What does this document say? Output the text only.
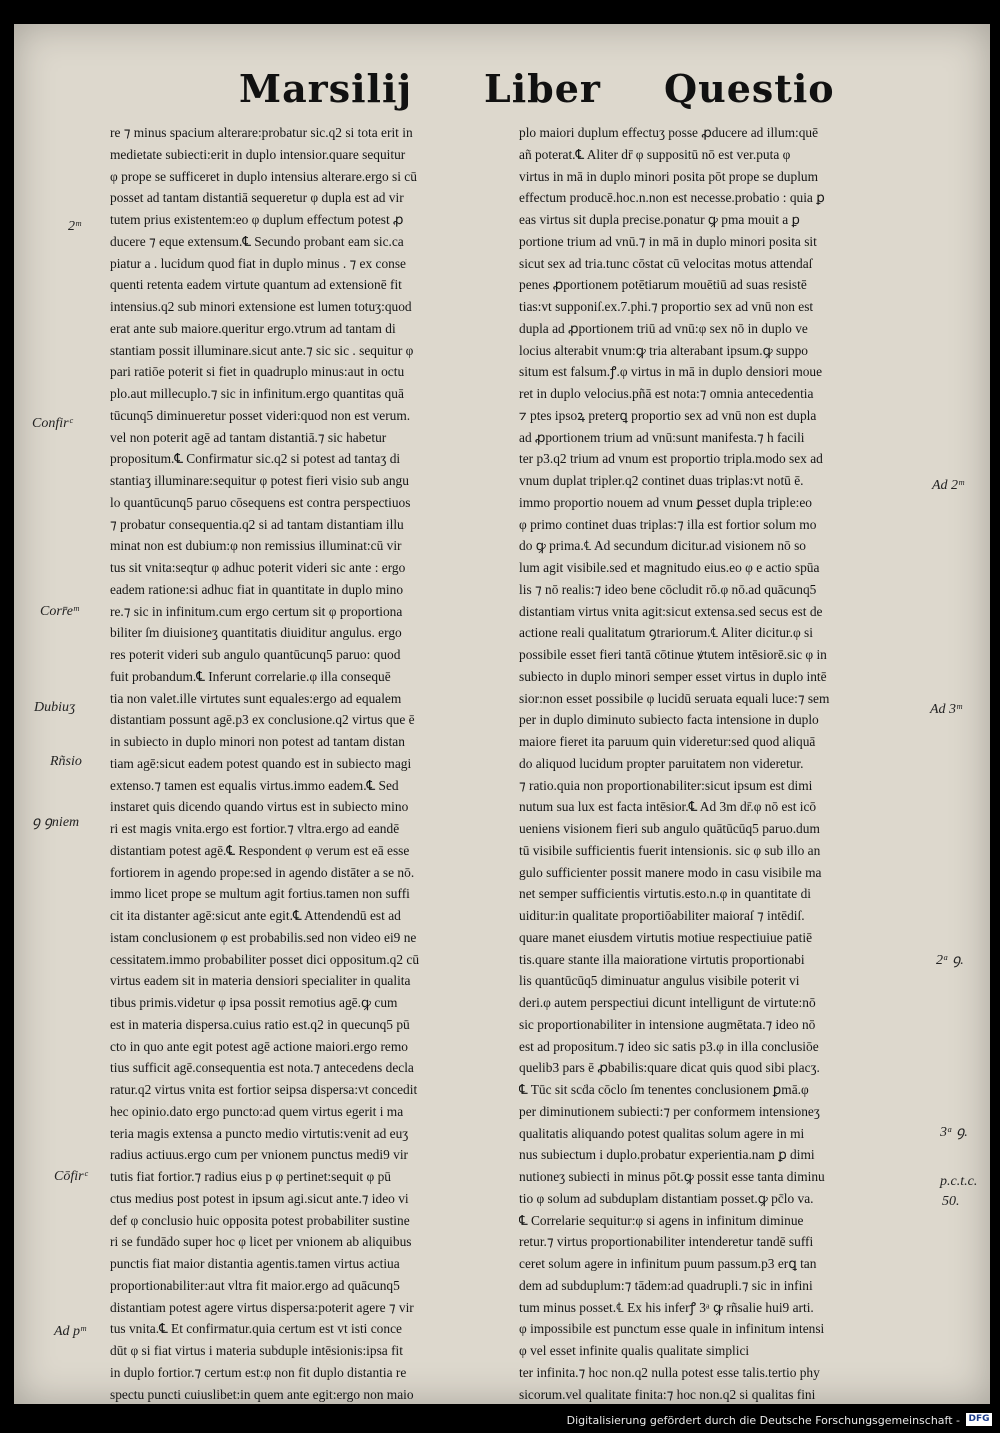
Marsilij Liber Questio
re ⁊ minus spacium alterare:probatur sic.q2 si tota erit in
medietate subiecti:erit in duplo intensior.quare sequitur
φ prope se sufficeret in duplo intensius alterare.ergo si cū
posset ad tantam distantiā sequeretur φ dupla est ad vir
tutem prius existentem:eo φ duplum effectum potest ꝓ
ducere ⁊ eque extensum.℄ Secundo probant eam sic.ca
piatur a . lucidum quod fiat in duplo minus . ⁊ ex conse
quenti retenta eadem virtute quantum ad extensionē fit
intensius.q2 sub minori extensione est lumen totuʒ:quod
erat ante sub maiore.queritur ergo.vtrum ad tantam di
stantiam possit illuminare.sicut ante.⁊ sic sic . sequitur φ
pari ratiōe poterit si fiet in quadruplo minus:aut in octu
plo.aut millecuplo.⁊ sic in infinitum.ergo quantitas quā
tūcunq5 diminueretur posset videri:quod non est verum.
vel non poterit agē ad tantam distantiā.⁊ sic habetur
propositum.℄ Confirmatur sic.q2 si potest ad tantaʒ di
stantiaʒ illuminare:sequitur φ potest fieri visio sub angu
lo quantūcunq5 paruo cōsequens est contra perspectiuos
⁊ probatur consequentia.q2 si ad tantam distantiam illu
minat non est dubium:φ non remissius illuminat:cū vir
tus sit vnita:seqtur φ adhuc poterit videri sic ante : ergo
eadem ratione:si adhuc fiat in quantitate in duplo mino
re.⁊ sic in infinitum.cum ergo certum sit φ proportiona
biliter ſm diuisioneʒ quantitatis diuiditur angulus. ergo
res poterit videri sub angulo quantūcunq5 paruo: quod
fuit probandum.℄ Inferunt correlarie.φ illa consequē
tia non valet.ille virtutes sunt equales:ergo ad equalem
distantiam possunt agē.p3 ex conclusione.q2 virtus que ē
in subiecto in duplo minori non potest ad tantam distan
tiam agē:sicut eadem potest quando est in subiecto magi
extenso.⁊ tamen est equalis virtus.immo eadem.℄ Sed
instaret quis dicendo quando virtus est in subiecto mino
ri est magis vnita.ergo est fortior.⁊ vltra.ergo ad eandē
distantiam potest agē.℄ Respondent φ verum est eā esse
fortiorem in agendo prope:sed in agendo distāter a se nō.
immo licet prope se multum agit fortius.tamen non suffi
cit ita distanter agē:sicut ante egit.℄ Attendendū est ad
istam conclusionem φ est probabilis.sed non video ei9 ne
cessitatem.immo probabiliter posset dici oppositum.q2 cū
virtus eadem sit in materia densiori specialiter in qualita
tibus primis.videtur φ ipsa possit remotius agē.ꝙ cum
est in materia dispersa.cuius ratio est.q2 in quecunq5 pū
cto in quo ante egit potest agē actione maiori.ergo remo
tius sufficit agē.consequentia est nota.⁊ antecedens decla
ratur.q2 virtus vnita est fortior seipsa dispersa:vt concedit
hec opinio.dato ergo puncto:ad quem virtus egerit i ma
teria magis extensa a puncto medio virtutis:venit ad euʒ
radius actiuus.ergo cum per vnionem punctus medi9 vir
tutis fiat fortior.⁊ radius eius p φ pertinet:sequit φ pū
ctus medius post potest in ipsum agi.sicut ante.⁊ ideo vi
def φ conclusio huic opposita potest probabiliter sustine
ri se fundādo super hoc φ licet per vnionem ab aliquibus
punctis fiat maior distantia agentis.tamen virtus actiua
proportionabiliter:aut vltra fit maior.ergo ad quācunq5
distantiam potest agere virtus dispersa:poterit agere ⁊ vir
tus vnita.℄ Et confirmatur.quia certum est vt isti conce
dūt φ si fiat virtus i materia subduple intēsionis:ipsa fit
in duplo fortior.⁊ certum est:φ non fit duplo distantia re
spectu puncti cuiuslibet:in quem ante egit:ergo non maio
plo maiori duplum effectuʒ posse ꝓducere ad illum:quē
añ poterat.℄ Aliter dr̄ φ suppositū nō est ver.puta φ
virtus in mā in duplo minori posita pōt prope se duplum
effectum producē.hoc.n.non est necesse.probatio : quia ꝑ
eas virtus sit dupla precise.ponatur ꝙ pma mouit a ꝑ
portione trium ad vnū.⁊ in mā in duplo minori posita sit
sicut sex ad tria.tunc cōstat cū velocitas motus attendaſ
penes ꝓportionem potētiarum mouētiū ad suas resistē
tias:vt supponiſ.ex.7.phi.⁊ proportio sex ad vnū non est
dupla ad ꝓportionem triū ad vnū:φ sex nō in duplo ve
locius alterabit vnum:ꝙ tria alterabant ipsum.ꝙ suppo
situm est falsum.ꝭ.φ virtus in mā in duplo densiori moue
ret in duplo velocius.pñā est nota:⁊ omnia antecedentia
⁊ ptes ipsoꝝ preterꝗ proportio sex ad vnū non est dupla
ad ꝓportionem trium ad vnū:sunt manifesta.⁊ h facili
ter p3.q2 trium ad vnum est proportio tripla.modo sex ad
vnum duplat tripler.q2 continet duas triplas:vt notū ē.
immo proportio nouem ad vnum ꝑesset dupla triple:eo
φ primo continet duas triplas:⁊ illa est fortior solum mo
do ꝙ prima.℄ Ad secundum dicitur.ad visionem nō so
lum agit visibile.sed et magnitudo eius.eo φ e actio spūa
lis ⁊ nō realis:⁊ ideo bene cōcludit rō.φ nō.ad quācunq5
distantiam virtus vnita agit:sicut extensa.sed secus est de
actione reali qualitatum ꝯtrariorum.℄ Aliter dicitur.φ si
possibile esset fieri tantā cōtinue ꝟtutem intēsiorē.sic φ in
subiecto in duplo minori semper esset virtus in duplo intē
sior:non esset possibile φ lucidū seruata equali luce:⁊ sem
per in duplo diminuto subiecto facta intensione in duplo
maiore fieret ita paruum quin videretur:sed quod aliquā
do aliquod lucidum propter paruitatem non videretur.
⁊ ratio.quia non proportionabiliter:sicut ipsum est dimi
nutum sua lux est facta intēsior.℄ Ad 3m dr̄.φ nō est icō
ueniens visionem fieri sub angulo quātūcūq5 paruo.dum
tū visibile sufficientis fuerit intensionis. sic φ sub illo an
gulo sufficienter possit manere modo in casu visibile ma
net semper sufficientis virtutis.esto.n.φ in quantitate di
uiditur:in qualitate proportiōabiliter maioraſ ⁊ intēdiſ.
quare manet eiusdem virtutis motiue respectiuiue patiē
tis.quare stante illa maioratione virtutis proportionabi
lis quantūcūq5 diminuatur angulus visibile poterit vi
deri.φ autem perspectiui dicunt intelligunt de virtute:nō
sic proportionabiliter in intensione augmētata.⁊ ideo nō
est ad propositum.⁊ ideo sic satis p3.φ in illa conclusiōe
quelib3 pars ē ꝓbabilis:quare dicat quis quod sibi placʒ.
℄ Tūc sit scḋa cōclo ſm tenentes conclusionem ꝑmā.φ
per diminutionem subiecti:⁊ per conformem intensioneʒ
qualitatis aliquando potest qualitas solum agere in mi
nus subiectum i duplo.probatur experientia.nam ꝑ dimi
nutioneʒ subiecti in minus pōt.ꝙ possit esse tanta diminu
tio φ solum ad subduplam distantiam posset.ꝙ pc̄lo va.
℄ Correlarie sequitur:φ si agens in infinitum diminue
retur.⁊ virtus proportionabiliter intenderetur tandē suffi
ceret solum agere in infinitum puum passum.p3 erꝗ tan
dem ad subduplum:⁊ tādem:ad quadrupli.⁊ sic in infini
tum minus posset.℄ Ex his inferꝭ 3ᵃ ꝙ rñsalie hui9 arti.
φ impossibile est punctum esse quale in infinitum intensi
φ vel esset infinite qualis qualitate simplici
ter infinita.⁊ hoc non.q2 nulla potest esse talis.tertio phy
sicorum.vel qualitate finita:⁊ hoc non.q2 si qualitas fini
2ᵐ
Confirᶜ
Corr̄eᵐ
Dubiuʒ
Rñsio
ꝯ ꝯniem
Cōfirᶜ
Ad pᵐ
Ad 2ᵐ
Ad 3ᵐ
2ᵃ ꝯ.
3ᵃ ꝯ.
p.c.t.c.
50.
Digitalisierung gefördert durch die Deutsche Forschungsgemeinschaft - DFG
